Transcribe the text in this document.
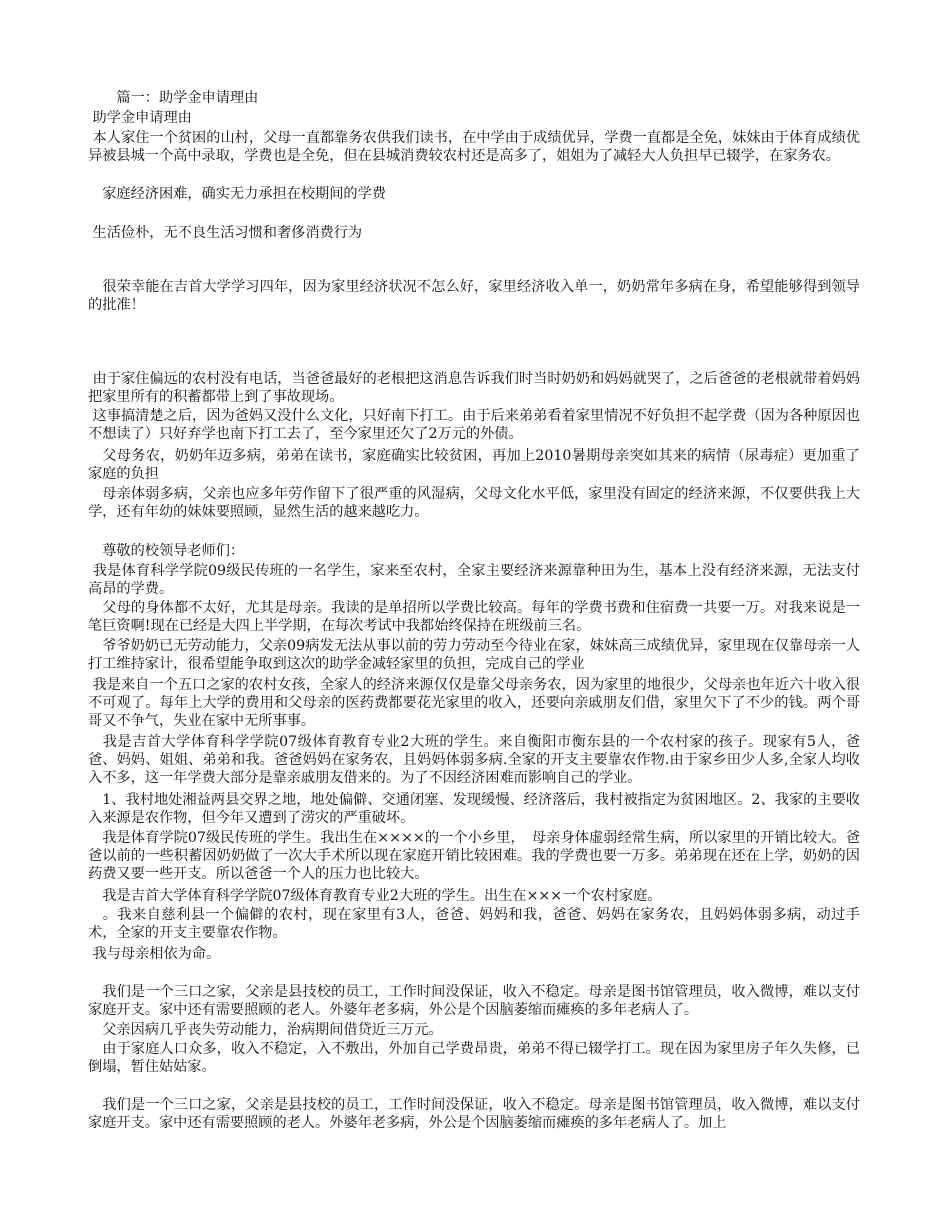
　　篇一：助学金申请理由

助学金申请理由

本人家住一个贫困的山村，父母一直都靠务农供我们读书，在中学由于成绩优异，学费一直都是全免，妹妹由于体育成绩优异被县城一个高中录取，学费也是全免，但在县城消费较农村还是高多了，姐姐为了减轻大人负担早已辍学，在家务农。

　家庭经济困难，确实无力承担在校期间的学费

生活俭朴，无不良生活习惯和奢侈消费行为

　很荣幸能在吉首大学学习四年，因为家里经济状况不怎么好，家里经济收入单一，奶奶常年多病在身，希望能够得到领导的批准！

由于家住偏远的农村没有电话，当爸爸最好的老根把这消息告诉我们时当时奶奶和妈妈就哭了，之后爸爸的老根就带着妈妈把家里所有的积蓄都带上到了事故现场。

这事搞清楚之后，因为爸妈又没什么文化，只好南下打工。由于后来弟弟看着家里情况不好负担不起学费（因为各种原因也不想读了）只好弃学也南下打工去了，至今家里还欠了2万元的外债。

　父母务农，奶奶年迈多病，弟弟在读书，家庭确实比较贫困，再加上2010暑期母亲突如其来的病情（尿毒症）更加重了家庭的负担

　母亲体弱多病，父亲也应多年劳作留下了很严重的风湿病，父母文化水平低，家里没有固定的经济来源，不仅要供我上大学，还有年幼的妹妹要照顾，显然生活的越来越吃力。

　尊敬的校领导老师们：

我是体育科学学院09级民传班的一名学生，家来至农村，全家主要经济来源靠种田为生，基本上没有经济来源，无法支付高昂的学费。

　父母的身体都不太好，尤其是母亲。我读的是单招所以学费比较高。每年的学费书费和住宿费一共要一万。对我来说是一笔巨资啊!现在已经是大四上半学期，在每次考试中我都始终保持在班级前三名。

　爷爷奶奶已无劳动能力，父亲09病发无法从事以前的劳力劳动至今待业在家，妹妹高三成绩优异，家里现在仅靠母亲一人打工维持家计，很希望能争取到这次的助学金减轻家里的负担，完成自己的学业

我是来自一个五口之家的农村女孩，全家人的经济来源仅仅是靠父母亲务农，因为家里的地很少，父母亲也年近六十收入很不可观了。每年上大学的费用和父母亲的医药费都要花光家里的收入，还要向亲戚朋友们借，家里欠下了不少的钱。两个哥哥又不争气，失业在家中无所事事。

　我是吉首大学体育科学学院07级体育教育专业2大班的学生。来自衡阳市衡东县的一个农村家的孩子。现家有5人，爸爸、妈妈、姐姐、弟弟和我。爸爸妈妈在家务农，且妈妈体弱多病.全家的开支主要靠农作物.由于家乡田少人多,全家人均收入不多，这一年学费大部分是靠亲戚朋友借来的。为了不因经济困难而影响自己的学业。

　1、我村地处湘益两县交界之地，地处偏僻、交通闭塞、发现缓慢、经济落后，我村被指定为贫困地区。2、我家的主要收入来源是农作物，但今年又遭到了涝灾的严重破坏。

　我是体育学院07级民传班的学生。我出生在××××的一个小乡里，　母亲身体虚弱经常生病，所以家里的开销比较大。爸爸以前的一些积蓄因奶奶做了一次大手术所以现在家庭开销比较困难。我的学费也要一万多。弟弟现在还在上学，奶奶的因药费又要一些开支。所以爸爸一个人的压力也比较大。

　我是吉首大学体育科学学院07级体育教育专业2大班的学生。出生在×××一个农村家庭。

　。我来自慈利县一个偏僻的农村，现在家里有3人，爸爸、妈妈和我，爸爸、妈妈在家务农，且妈妈体弱多病，动过手术，全家的开支主要靠农作物。

我与母亲相依为命。

　我们是一个三口之家，父亲是县技校的员工，工作时间没保证，收入不稳定。母亲是图书馆管理员，收入微博，难以支付家庭开支。家中还有需要照顾的老人。外婆年老多病，外公是个因脑萎缩而瘫痪的多年老病人了。

　父亲因病几乎丧失劳动能力，治病期间借贷近三万元。

　由于家庭人口众多，收入不稳定，入不敷出，外加自己学费昂贵，弟弟不得已辍学打工。现在因为家里房子年久失修，已倒塌，暂住姑姑家。

　我们是一个三口之家，父亲是县技校的员工，工作时间没保证，收入不稳定。母亲是图书馆管理员，收入微博，难以支付家庭开支。家中还有需要照顾的老人。外婆年老多病，外公是个因脑萎缩而瘫痪的多年老病人了。加上
